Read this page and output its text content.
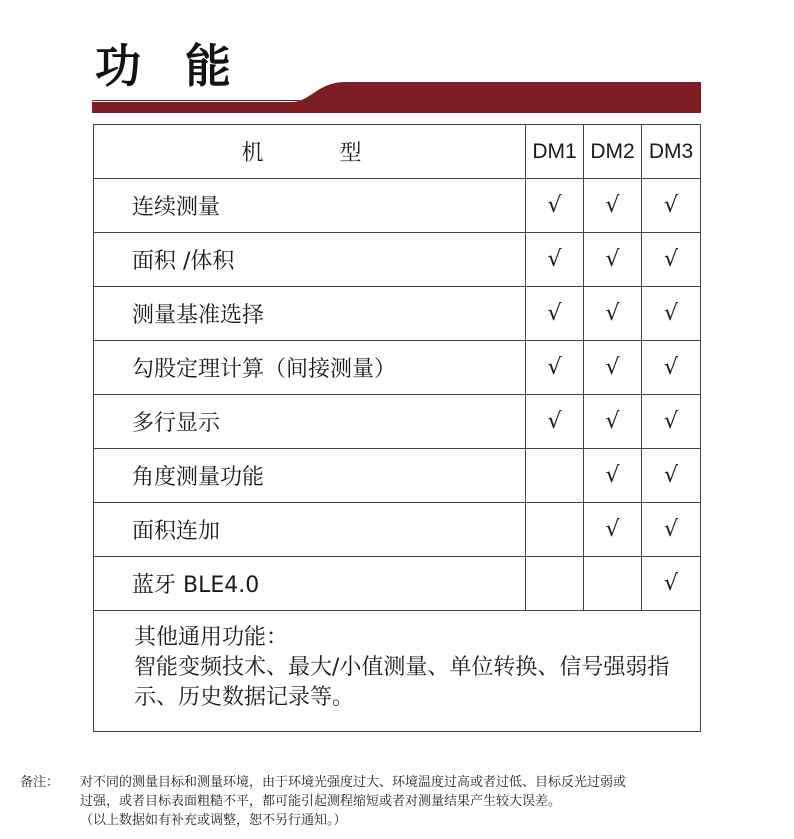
功 能
机型	DM1	DM2	DM3
连续测量	√	√	√
面积 /体积	√	√	√
测量基准选择	√	√	√
勾股定理计算（间接测量）	√	√	√
多行显示	√	√	√
角度测量功能		√	√
面积连加		√	√
蓝牙 BLE4.0			√

其他通用功能：
智能变频技术、最大/小值测量、单位转换、信号强弱指示、历史数据记录等。			
备注： 对不同的测量目标和测量环境，由于环境光强度过大、环境温度过高或者过低、目标反光过弱或
过强，或者目标表面粗糙不平，都可能引起测程缩短或者对测量结果产生较大误差。
（以上数据如有补充或调整，恕不另行通知。）
